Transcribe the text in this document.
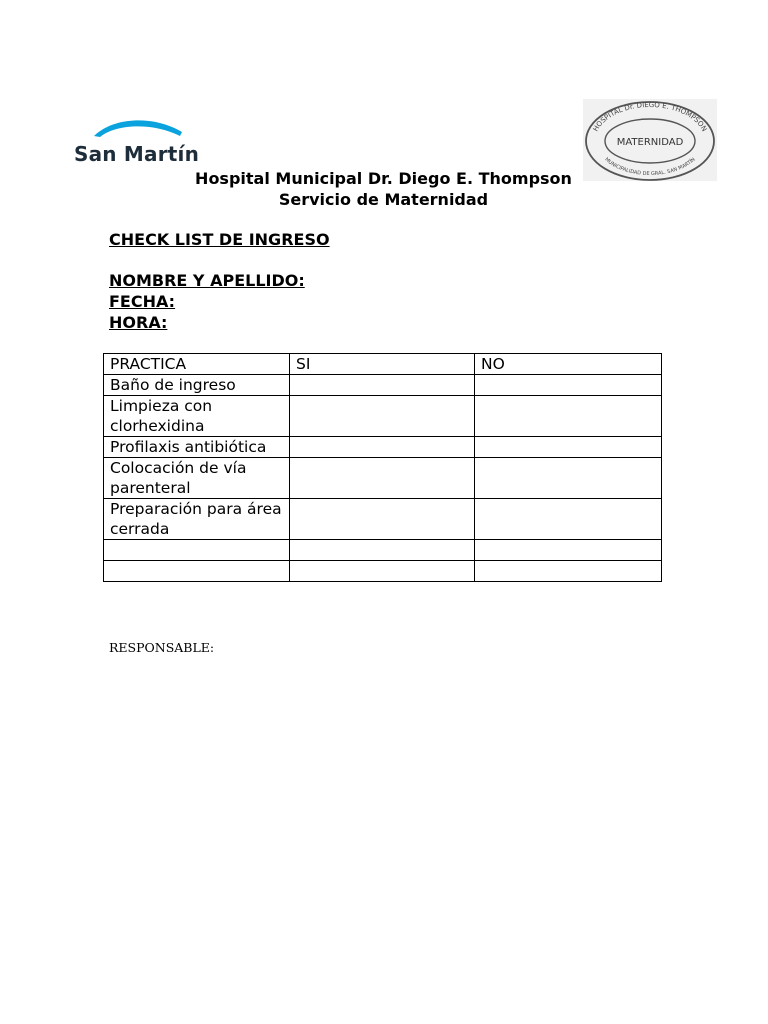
San Martín
HOSPITAL Dr. DIEGO E. THOMPSON
MATERNIDAD
MUNICIPALIDAD DE GRAL. SAN MARTÍN
Hospital Municipal Dr. Diego E. Thompson
Servicio de Maternidad
CHECK LIST DE INGRESO
NOMBRE Y APELLIDO:
FECHA:
HORA:
PRACTICA	SI	NO
Baño de ingreso		
Limpieza con clorhexidina		
Profilaxis antibiótica		
Colocación de vía parenteral		
Preparación para área cerrada		

RESPONSABLE:
